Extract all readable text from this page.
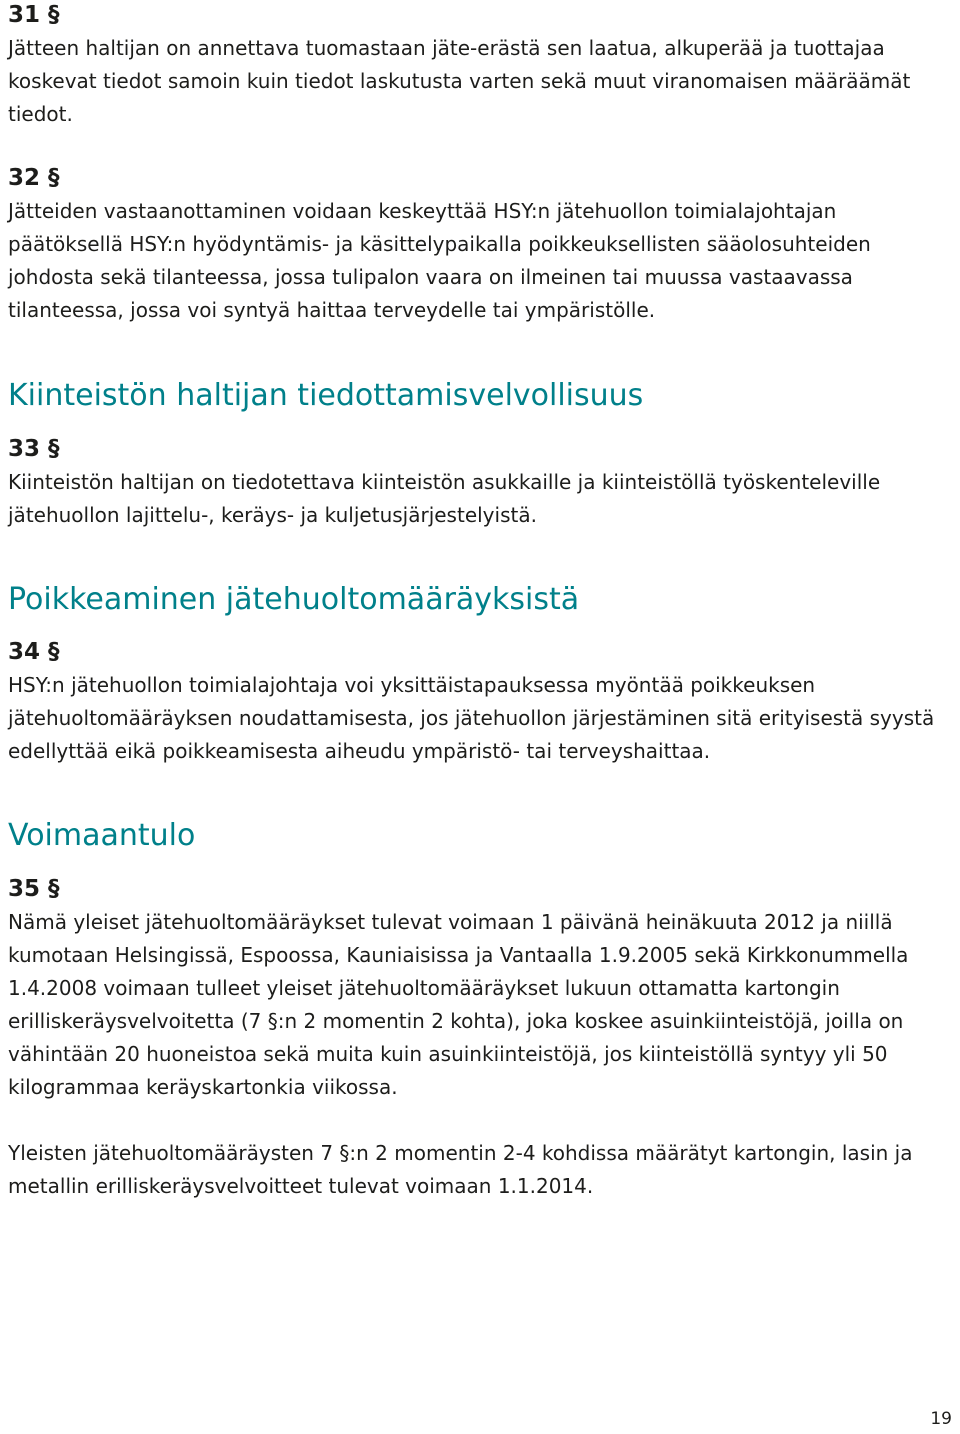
31 §

Jätteen haltijan on annettava tuomastaan jäte-erästä sen laatua, alkuperää ja tuottajaa koskevat tiedot samoin kuin tiedot laskutusta varten sekä muut viranomaisen määräämät tiedot.

32 §

Jätteiden vastaanottaminen voidaan keskeyttää HSY:n jätehuollon toimialajohtajan päätöksellä HSY:n hyödyntämis- ja käsittelypaikalla poikkeuksellisten sääolosuhteiden johdosta sekä tilanteessa, jossa tulipalon vaara on ilmeinen tai muussa vastaavassa tilanteessa, jossa voi syntyä haittaa terveydelle tai ympäristölle.

Kiinteistön haltijan tiedottamisvelvollisuus

33 §

Kiinteistön haltijan on tiedotettava kiinteistön asukkaille ja kiinteistöllä työskenteleville jätehuollon lajittelu-, keräys- ja kuljetusjärjestelyistä.

Poikkeaminen jätehuoltomääräyksistä

34 §

HSY:n jätehuollon toimialajohtaja voi yksittäistapauksessa myöntää poikkeuksen jätehuoltomääräyksen noudattamisesta, jos jätehuollon järjestäminen sitä erityisestä syystä edellyttää eikä poikkeamisesta aiheudu ympäristö- tai terveyshaittaa.

Voimaantulo

35 §

Nämä yleiset jätehuoltomääräykset tulevat voimaan 1 päivänä heinäkuuta 2012 ja niillä kumotaan Helsingissä, Espoossa, Kauniaisissa ja Vantaalla 1.9.2005 sekä Kirkkonummella 1.4.2008 voimaan tulleet yleiset jätehuoltomääräykset lukuun ottamatta kartongin erilliskeräysvelvoitetta (7 §:n 2 momentin 2 kohta), joka koskee asuinkiinteistöjä, joilla on vähintään 20 huoneistoa sekä muita kuin asuinkiinteistöjä, jos kiinteistöllä syntyy yli 50 kilogrammaa keräyskartonkia viikossa.

Yleisten jätehuoltomääräysten 7 §:n 2 momentin 2-4 kohdissa määrätyt kartongin, lasin ja metallin erilliskeräysvelvoitteet tulevat voimaan 1.1.2014.

19
